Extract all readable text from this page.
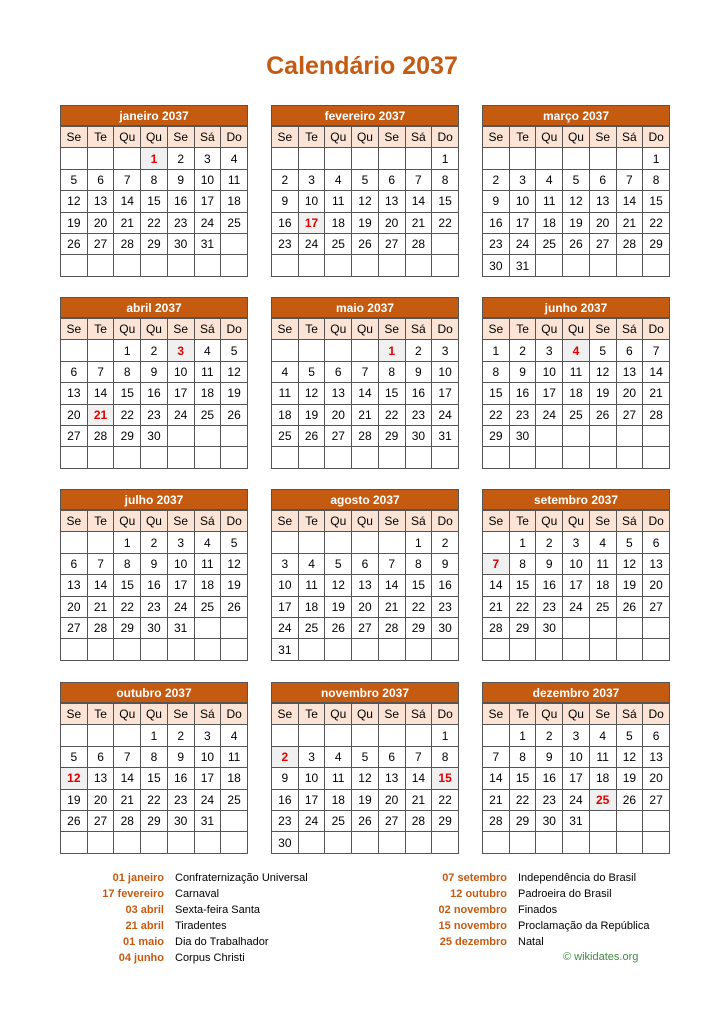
Calendário 2037
janeiro 2037
Se	Te	Qu	Qu	Se	Sá	Do
			1	2	3	4
5	6	7	8	9	10	11
12	13	14	15	16	17	18
19	20	21	22	23	24	25
26	27	28	29	30	31	

fevereiro 2037
Se	Te	Qu	Qu	Se	Sá	Do
						1
2	3	4	5	6	7	8
9	10	11	12	13	14	15
16	17	18	19	20	21	22
23	24	25	26	27	28	

março 2037
Se	Te	Qu	Qu	Se	Sá	Do
						1
2	3	4	5	6	7	8
9	10	11	12	13	14	15
16	17	18	19	20	21	22
23	24	25	26	27	28	29
30	31					
abril 2037
Se	Te	Qu	Qu	Se	Sá	Do
		1	2	3	4	5
6	7	8	9	10	11	12
13	14	15	16	17	18	19
20	21	22	23	24	25	26
27	28	29	30			

maio 2037
Se	Te	Qu	Qu	Se	Sá	Do
				1	2	3
4	5	6	7	8	9	10
11	12	13	14	15	16	17
18	19	20	21	22	23	24
25	26	27	28	29	30	31

junho 2037
Se	Te	Qu	Qu	Se	Sá	Do
1	2	3	4	5	6	7
8	9	10	11	12	13	14
15	16	17	18	19	20	21
22	23	24	25	26	27	28
29	30					

julho 2037
Se	Te	Qu	Qu	Se	Sá	Do
		1	2	3	4	5
6	7	8	9	10	11	12
13	14	15	16	17	18	19
20	21	22	23	24	25	26
27	28	29	30	31		

agosto 2037
Se	Te	Qu	Qu	Se	Sá	Do
					1	2
3	4	5	6	7	8	9
10	11	12	13	14	15	16
17	18	19	20	21	22	23
24	25	26	27	28	29	30
31						
setembro 2037
Se	Te	Qu	Qu	Se	Sá	Do
	1	2	3	4	5	6
7	8	9	10	11	12	13
14	15	16	17	18	19	20
21	22	23	24	25	26	27
28	29	30				

outubro 2037
Se	Te	Qu	Qu	Se	Sá	Do
			1	2	3	4
5	6	7	8	9	10	11
12	13	14	15	16	17	18
19	20	21	22	23	24	25
26	27	28	29	30	31	

novembro 2037
Se	Te	Qu	Qu	Se	Sá	Do
						1
2	3	4	5	6	7	8
9	10	11	12	13	14	15
16	17	18	19	20	21	22
23	24	25	26	27	28	29
30						
dezembro 2037
Se	Te	Qu	Qu	Se	Sá	Do
	1	2	3	4	5	6
7	8	9	10	11	12	13
14	15	16	17	18	19	20
21	22	23	24	25	26	27
28	29	30	31			

01 janeiro	Confraternização Universal
17 fevereiro	Carnaval
03 abril	Sexta-feira Santa
21 abril	Tiradentes
01 maio	Dia do Trabalhador
04 junho	Corpus Christi
07 setembro	Independência do Brasil
12 outubro	Padroeira do Brasil
02 novembro	Finados
15 novembro	Proclamação da República
25 dezembro	Natal
© wikidates.org
